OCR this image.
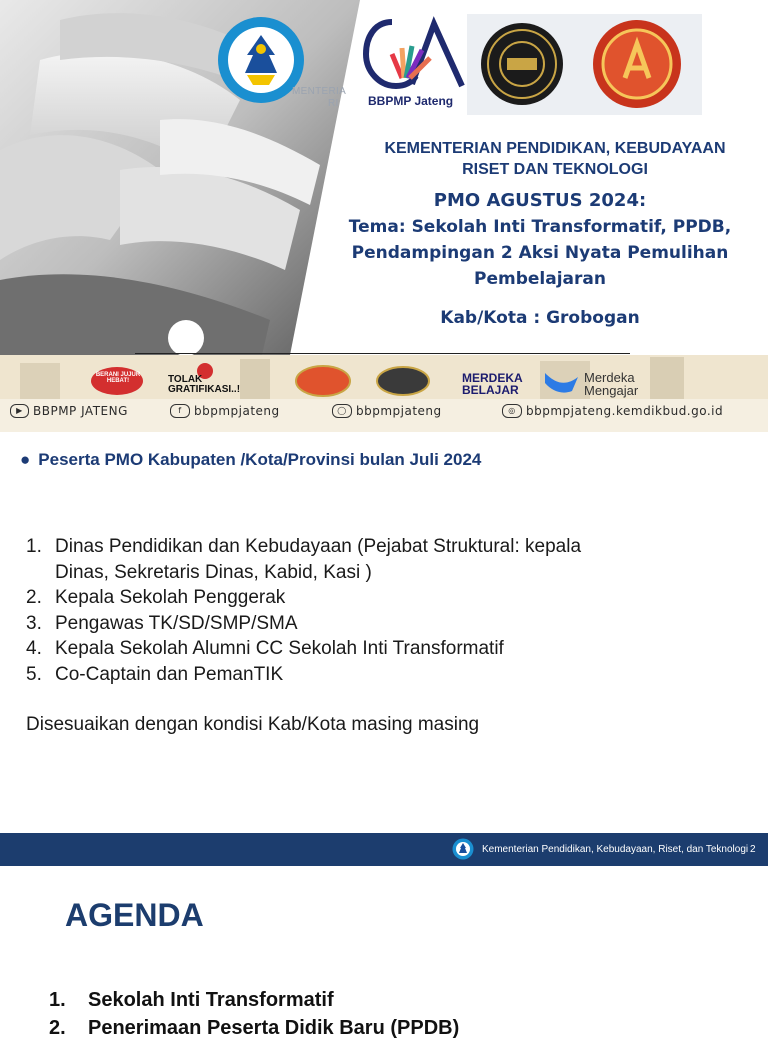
MENTERIA
RI	BBPMP Jateng
KEMENTERIAN PENDIDIKAN, KEBUDAYAAN
RISET DAN TEKNOLOGI
PMO AGUSTUS 2024:
Tema: Sekolah Inti Transformatif, PPDB,
Pendampingan 2 Aksi Nyata Pemulihan
Pembelajaran
Kab/Kota : Grobogan
BERANI JUJUR HEBAT!	TOLAK GRATIFIKASI..!
MERDEKA BELAJAR
Merdeka Mengajar
▶ BBPMP JATENG	f	bbpmpjateng	◯ bbpmpjateng	◎ bbpmpjateng.kemdikbud.go.id
● Peserta PMO Kabupaten /Kota/Provinsi bulan Juli 2024
1. Dinas Pendidikan dan Kebudayaan (Pejabat Struktural: kepala
Dinas, Sekretaris Dinas, Kabid, Kasi )
2. Kepala Sekolah Penggerak
3. Pengawas TK/SD/SMP/SMA
4. Kepala Sekolah Alumni CC Sekolah Inti Transformatif
5. Co-Captain dan PemanTIK
Disesuaikan dengan kondisi Kab/Kota masing masing
Kementerian Pendidikan, Kebudayaan, Riset, dan Teknologi 2
AGENDA
1.	Sekolah Inti Transformatif
2.	Penerimaan Peserta Didik Baru (PPDB)
